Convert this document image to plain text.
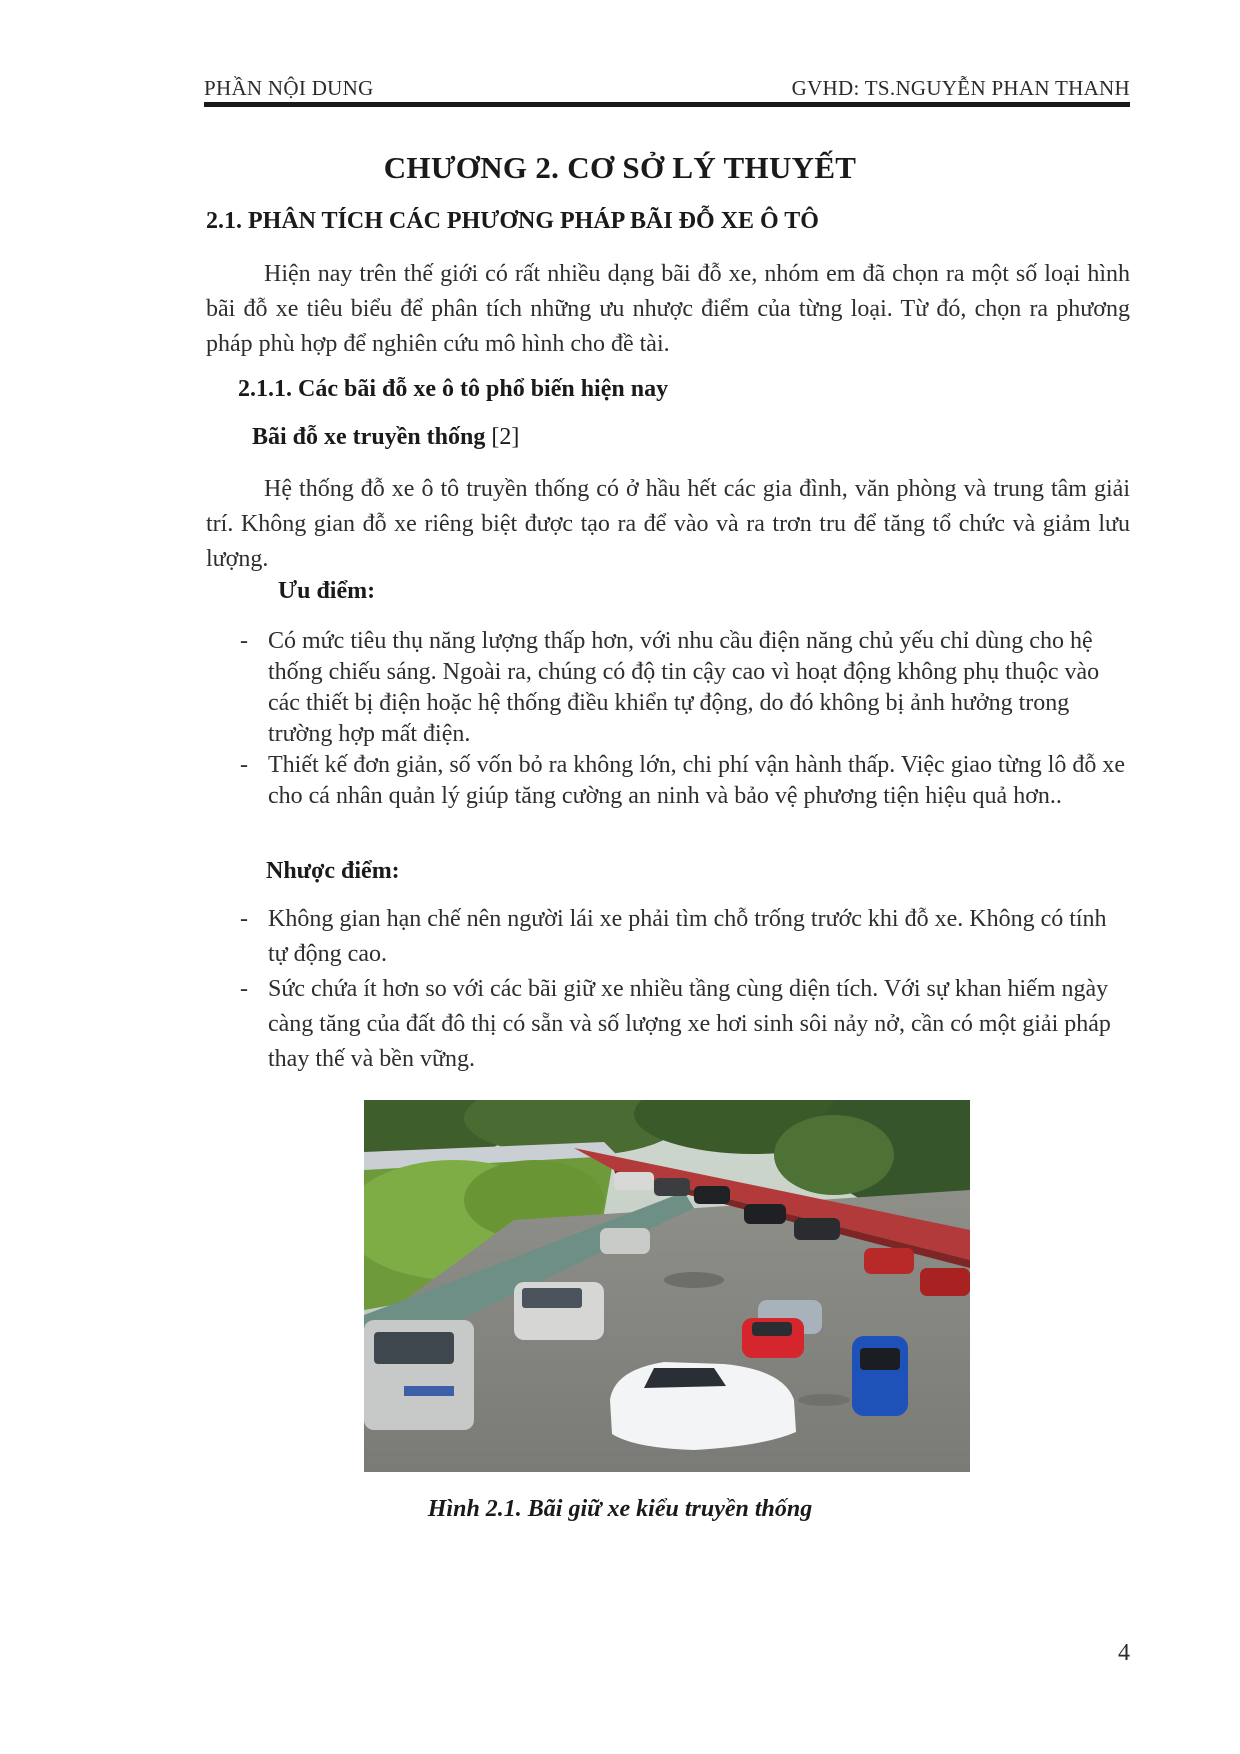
PHẦN NỘI DUNG	GVHD: TS.NGUYỄN PHAN THANH
CHƯƠNG 2. CƠ SỞ LÝ THUYẾT
2.1. PHÂN TÍCH CÁC PHƯƠNG PHÁP BÃI ĐỖ XE Ô TÔ
Hiện nay trên thế giới có rất nhiều dạng bãi đỗ xe, nhóm em đã chọn ra một số loại hình bãi đỗ xe tiêu biểu để phân tích những ưu nhược điểm của từng loại. Từ đó, chọn ra phương pháp phù hợp để nghiên cứu mô hình cho đề tài.
2.1.1. Các bãi đỗ xe ô tô phổ biến hiện nay
Bãi đỗ xe truyền thống [2]
Hệ thống đỗ xe ô tô truyền thống có ở hầu hết các gia đình, văn phòng và trung tâm giải trí. Không gian đỗ xe riêng biệt được tạo ra để vào và ra trơn tru để tăng tổ chức và giảm lưu lượng.
Ưu điểm:
- Có mức tiêu thụ năng lượng thấp hơn, với nhu cầu điện năng chủ yếu chỉ dùng cho hệ thống chiếu sáng. Ngoài ra, chúng có độ tin cậy cao vì hoạt động không phụ thuộc vào các thiết bị điện hoặc hệ thống điều khiển tự động, do đó không bị ảnh hưởng trong trường hợp mất điện.
- Thiết kế đơn giản, số vốn bỏ ra không lớn, chi phí vận hành thấp. Việc giao từng lô đỗ xe cho cá nhân quản lý giúp tăng cường an ninh và bảo vệ phương tiện hiệu quả hơn..
Nhược điểm:
- Không gian hạn chế nên người lái xe phải tìm chỗ trống trước khi đỗ xe. Không có tính tự động cao.
- Sức chứa ít hơn so với các bãi giữ xe nhiều tầng cùng diện tích. Với sự khan hiếm ngày càng tăng của đất đô thị có sẵn và số lượng xe hơi sinh sôi nảy nở, cần có một giải pháp thay thế và bền vững.
Hình 2.1. Bãi giữ xe kiểu truyền thống
4
